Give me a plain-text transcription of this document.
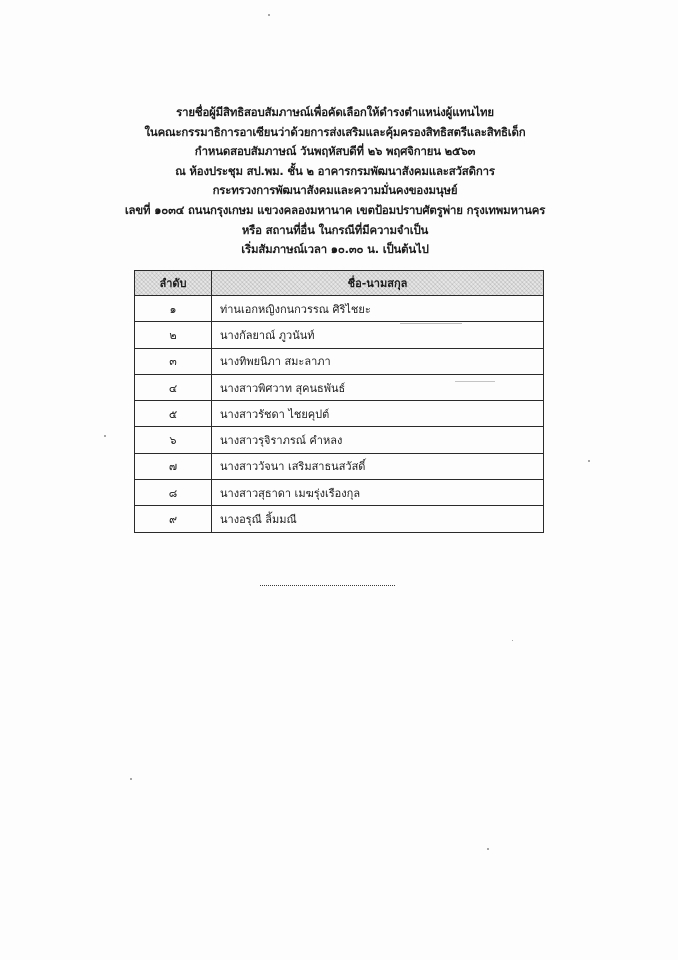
รายชื่อผู้มีสิทธิสอบสัมภาษณ์เพื่อคัดเลือกให้ดำรงตำแหน่งผู้แทนไทย
ในคณะกรรมาธิการอาเซียนว่าด้วยการส่งเสริมและคุ้มครองสิทธิสตรีและสิทธิเด็ก
กำหนดสอบสัมภาษณ์ วันพฤหัสบดีที่ ๒๖ พฤศจิกายน ๒๕๖๓
ณ ห้องประชุม สป.พม. ชั้น ๒ อาคารกรมพัฒนาสังคมและสวัสดิการ
กระทรวงการพัฒนาสังคมและความมั่นคงของมนุษย์
เลขที่ ๑๐๓๔ ถนนกรุงเกษม แขวงคลองมหานาค เขตป้อมปราบศัตรูพ่าย กรุงเทพมหานคร
หรือ สถานที่อื่น ในกรณีที่มีความจำเป็น
เริ่มสัมภาษณ์เวลา ๑๐.๓๐ น. เป็นต้นไป
ลำดับ	ชื่อ-นามสกุล
๑	ท่านเอกหญิงกนกวรรณ ศิริไชยะ
๒	นางกัลยาณ์ ภูวนันท์
๓	นางทิพยนิภา สมะลาภา
๔	นางสาวพิศวาท สุคนธพันธ์
๕	นางสาวรัชดา ไชยคุปต์
๖	นางสาวรุจิราภรณ์ คำหลง
๗	นางสาววัจนา เสริมสาธนสวัสดิ์
๘	นางสาวสุธาดา เมฆรุ่งเรืองกุล
๙	นางอรุณี ลิ้มมณี
